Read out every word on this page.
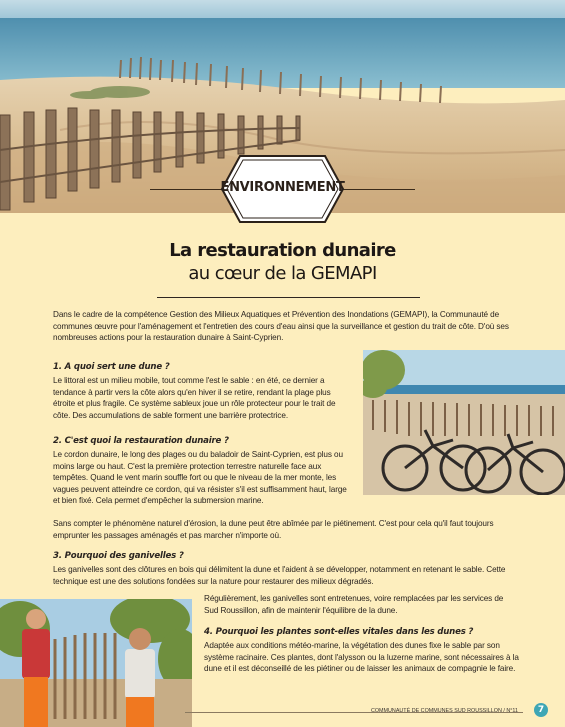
ENVIRONNEMENT
La restauration dunaire
au cœur de la GEMAPI
Dans le cadre de la compétence Gestion des Milieux Aquatiques et Prévention des Inondations (GEMAPI), la Communauté de
communes œuvre pour l'aménagement et l'entretien des cours d'eau ainsi que la surveillance et gestion du trait de côte. D'où ses
nombreuses actions pour la restauration dunaire à Saint-Cyprien.
1. A quoi sert une dune ?
Le littoral est un milieu mobile, tout comme l'est le sable : en été, ce dernier a
tendance à partir vers la côte alors qu'en hiver il se retire, rendant la plage plus
étroite et plus fragile. Ce système sableux joue un rôle protecteur pour le trait de
côte. Des accumulations de sable forment une barrière protectrice.
2. C'est quoi la restauration dunaire ?
Le cordon dunaire, le long des plages ou du baladoir de Saint-Cyprien, est plus ou
moins large ou haut. C'est la première protection terrestre naturelle face aux
tempêtes. Quand le vent marin souffle fort ou que le niveau de la mer monte, les
vagues peuvent atteindre ce cordon, qui va résister s'il est suffisamment haut, large
et bien fixé. Cela permet d'empêcher la submersion marine.
Sans compter le phénomène naturel d'érosion, la dune peut être abîmée par le piétinement. C'est pour cela qu'il faut toujours
emprunter les passages aménagés et pas marcher n'importe où.
3. Pourquoi des ganivelles ?
Les ganivelles sont des clôtures en bois qui délimitent la dune et l'aident à se développer, notamment en retenant le sable. Cette
technique est une des solutions fondées sur la nature pour restaurer des milieux dégradés.
Régulièrement, les ganivelles sont entretenues, voire remplacées par les services de
Sud Roussillon, afin de maintenir l'équilibre de la dune.
4. Pourquoi les plantes sont-elles vitales dans les dunes ?
Adaptée aux conditions météo-marine, la végétation des dunes fixe le sable par son
système racinaire. Ces plantes, dont l'alysson ou la luzerne marine, sont nécessaires à la
dune et il est déconseillé de les piétiner ou de laisser les animaux de compagnie le faire.
COMMUNAUTÉ DE COMMUNES SUD ROUSSILLON / N°11	7
